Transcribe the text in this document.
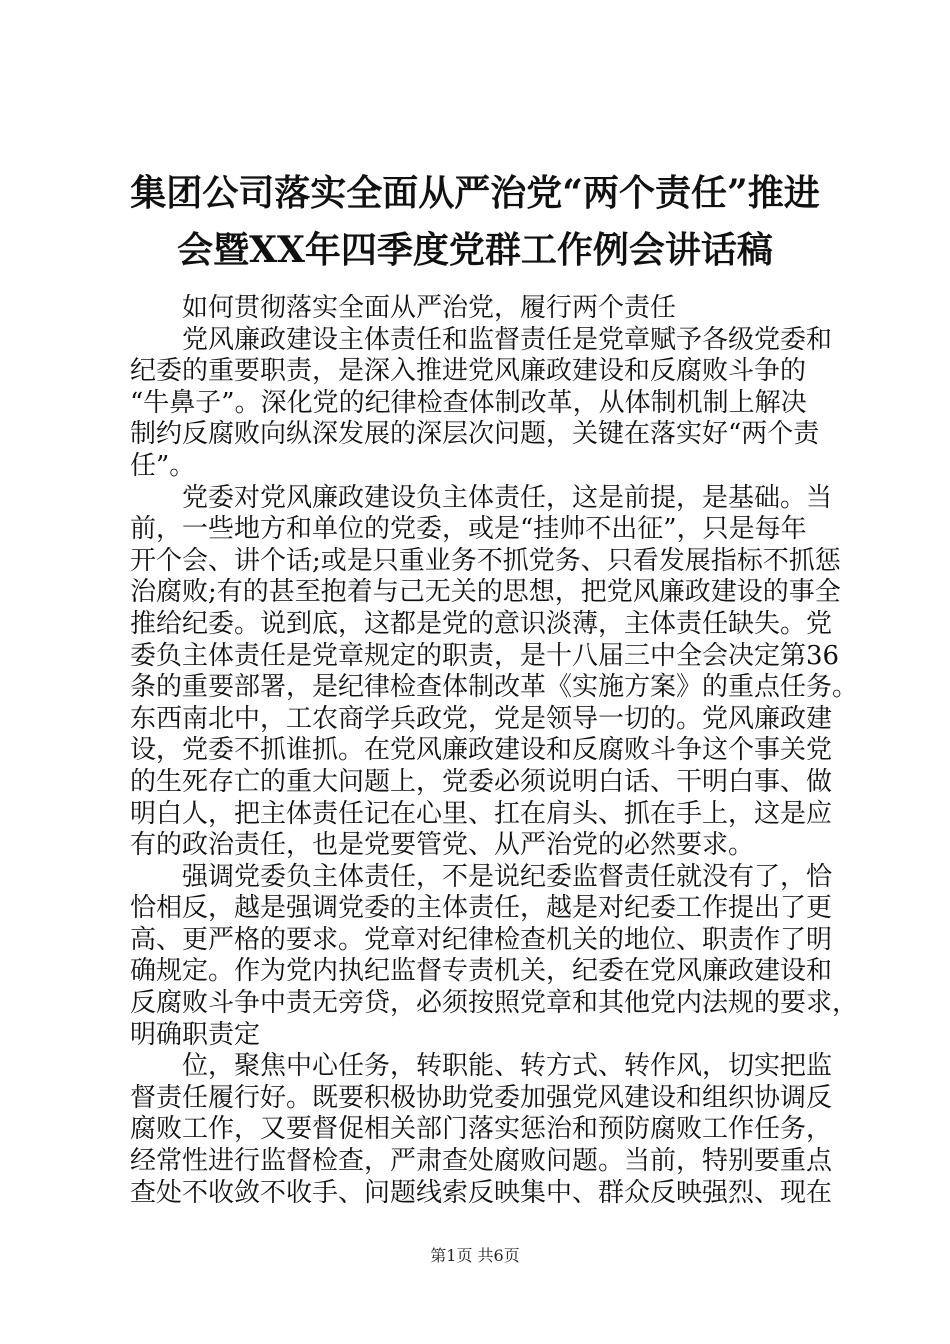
集团公司落实全面从严治党“两个责任”推进
会暨XX年四季度党群工作例会讲话稿
如何贯彻落实全面从严治党，履行两个责任
党风廉政建设主体责任和监督责任是党章赋予各级党委和
纪委的重要职责，是深入推进党风廉政建设和反腐败斗争的
“牛鼻子”。深化党的纪律检查体制改革，从体制机制上解决
制约反腐败向纵深发展的深层次问题，关键在落实好“两个责
任”。
党委对党风廉政建设负主体责任，这是前提，是基础。当
前，一些地方和单位的党委，或是“挂帅不出征”，只是每年
开个会、讲个话;或是只重业务不抓党务、只看发展指标不抓惩
治腐败;有的甚至抱着与己无关的思想，把党风廉政建设的事全
推给纪委。说到底，这都是党的意识淡薄，主体责任缺失。党
委负主体责任是党章规定的职责，是十八届三中全会决定第36
条的重要部署，是纪律检查体制改革《实施方案》的重点任务。
东西南北中，工农商学兵政党，党是领导一切的。党风廉政建
设，党委不抓谁抓。在党风廉政建设和反腐败斗争这个事关党
的生死存亡的重大问题上，党委必须说明白话、干明白事、做
明白人，把主体责任记在心里、扛在肩头、抓在手上，这是应
有的政治责任，也是党要管党、从严治党的必然要求。
强调党委负主体责任，不是说纪委监督责任就没有了，恰
恰相反，越是强调党委的主体责任，越是对纪委工作提出了更
高、更严格的要求。党章对纪律检查机关的地位、职责作了明
确规定。作为党内执纪监督专责机关，纪委在党风廉政建设和
反腐败斗争中责无旁贷，必须按照党章和其他党内法规的要求，
明确职责定
位，聚焦中心任务，转职能、转方式、转作风，切实把监
督责任履行好。既要积极协助党委加强党风建设和组织协调反
腐败工作，又要督促相关部门落实惩治和预防腐败工作任务，
经常性进行监督检查，严肃查处腐败问题。当前，特别要重点
查处不收敛不收手、问题线索反映集中、群众反映强烈、现在
第1页 共6页
